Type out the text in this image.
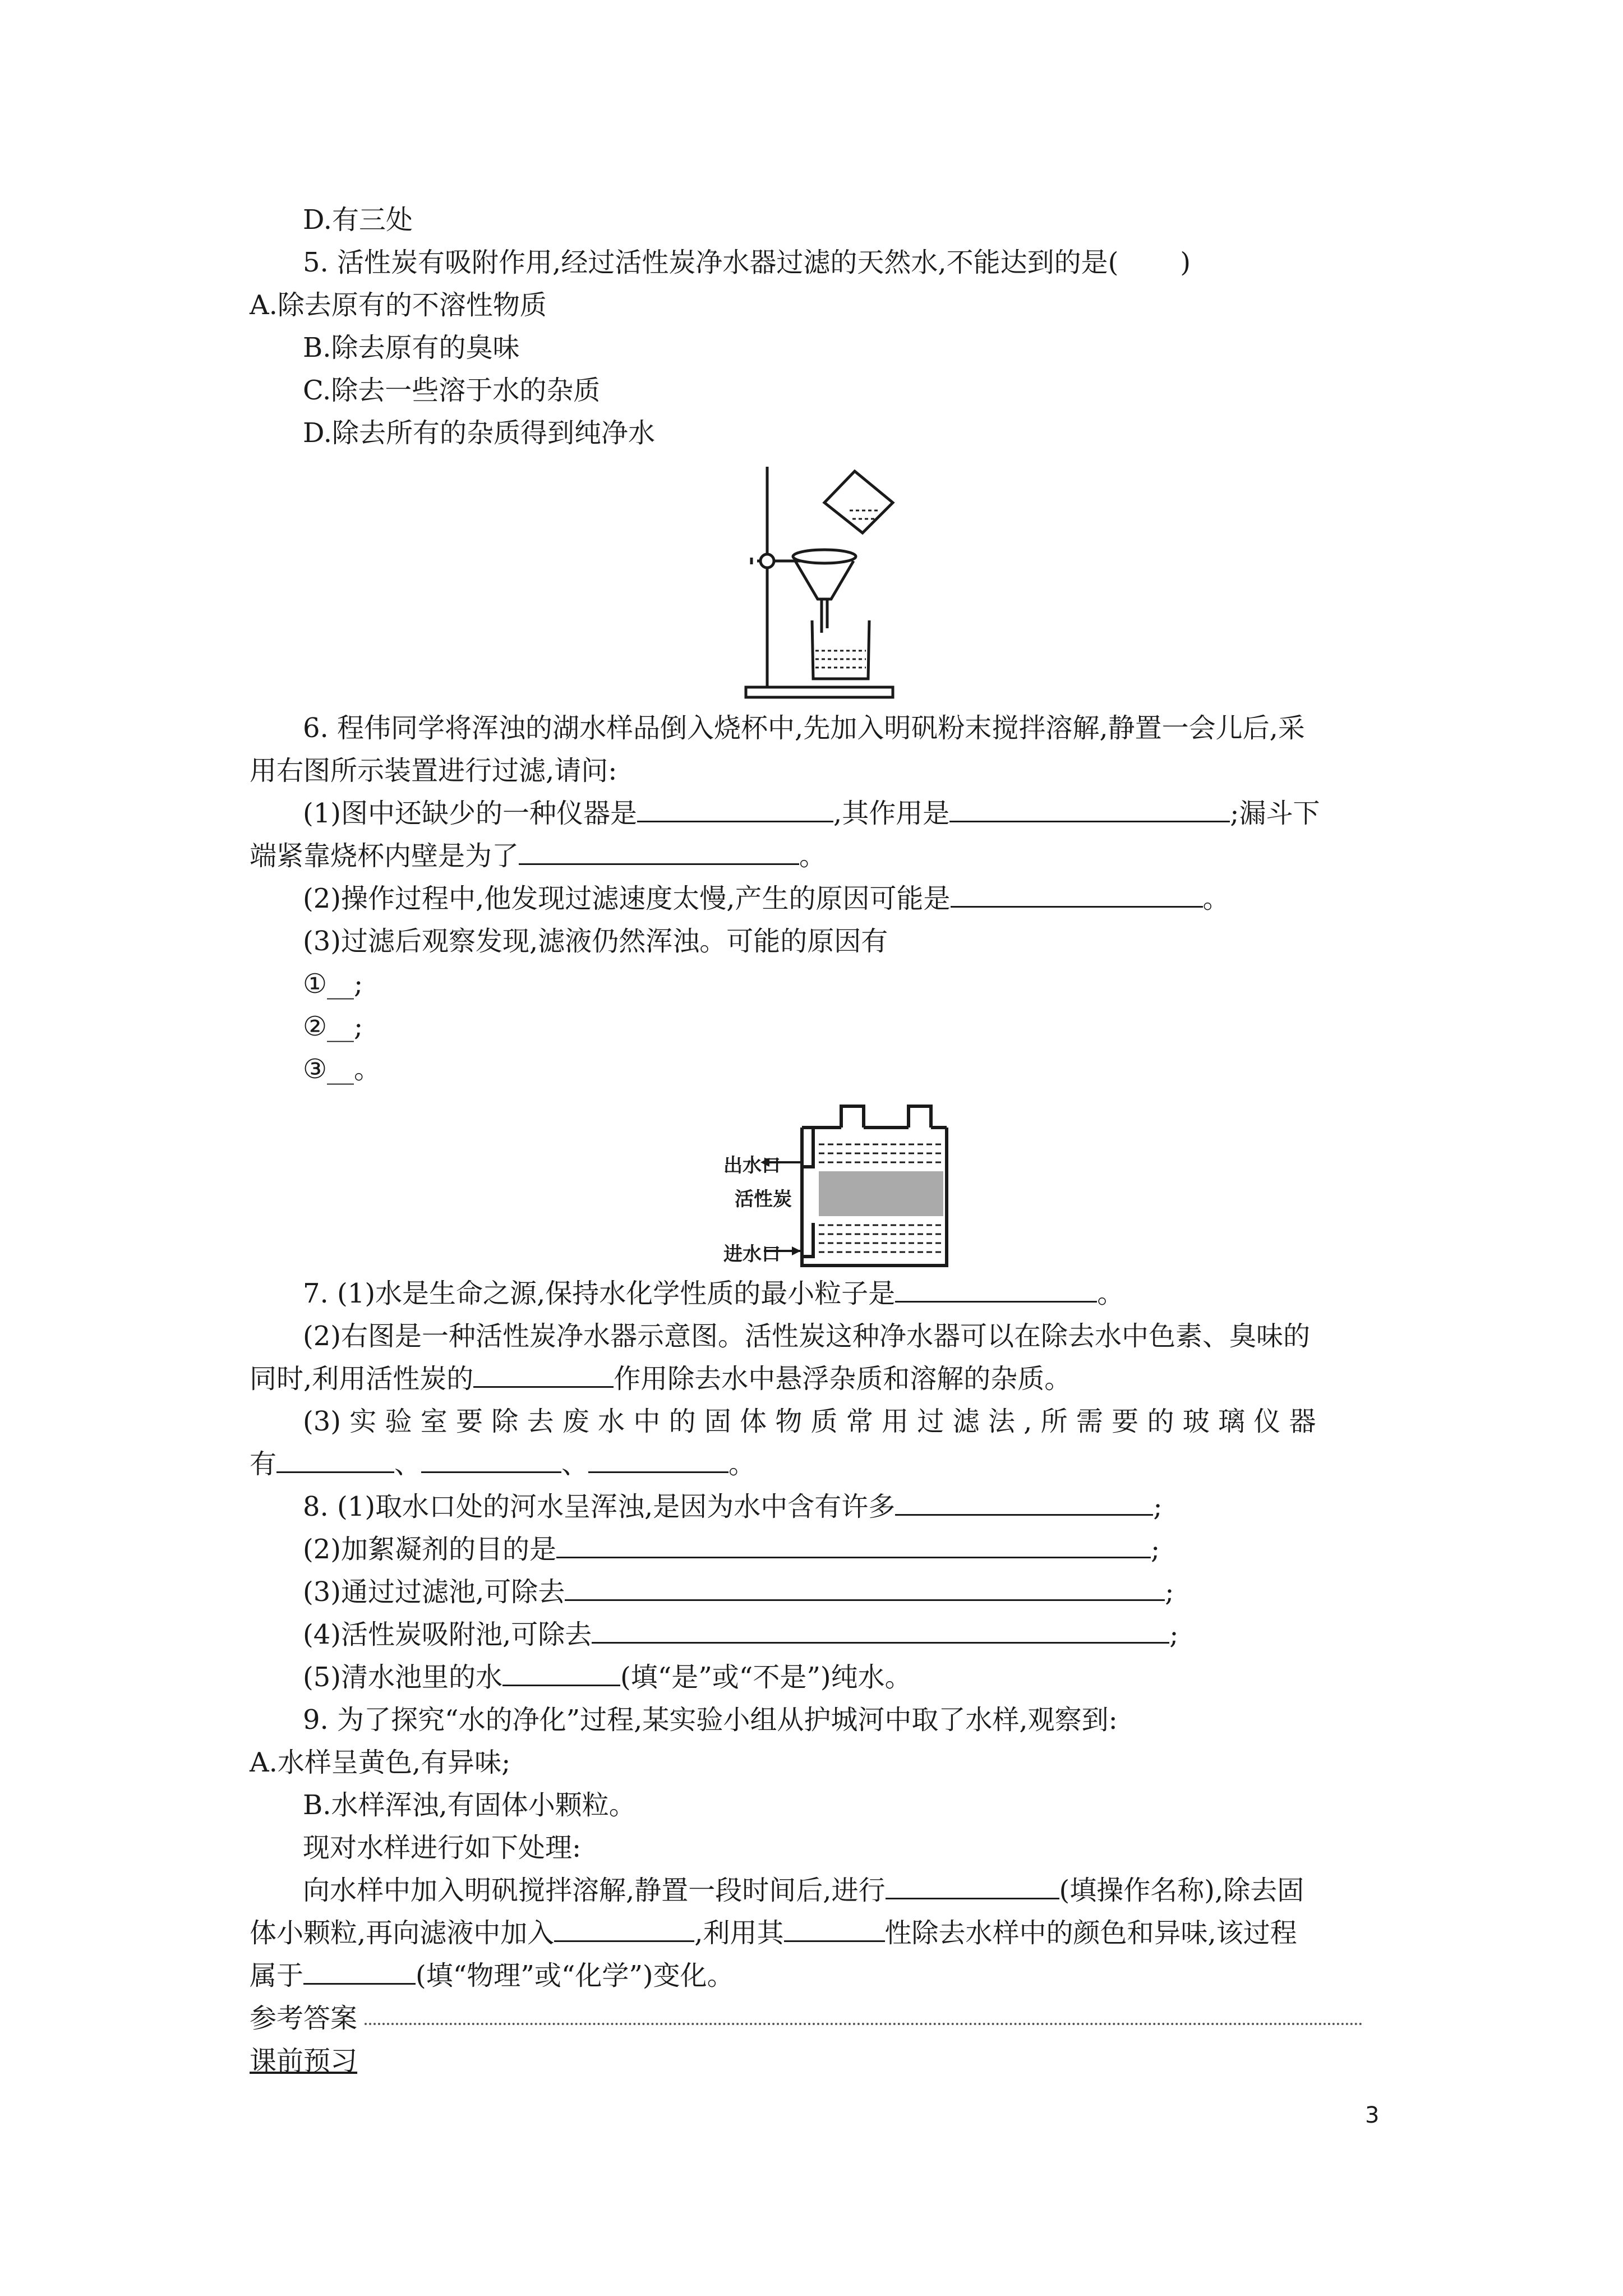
D.有三处
5. 活性炭有吸附作用,经过活性炭净水器过滤的天然水,不能达到的是( )
A.除去原有的不溶性物质
B.除去原有的臭味
C.除去一些溶于水的杂质
D.除去所有的杂质得到纯净水
6. 程伟同学将浑浊的湖水样品倒入烧杯中,先加入明矾粉末搅拌溶解,静置一会儿后,采
用右图所示装置进行过滤,请问:
(1)图中还缺少的一种仪器是	,其作用是	;漏斗下
端紧靠烧杯内壁是为了	。
(2)操作过程中,他发现过滤速度太慢,产生的原因可能是	。
(3)过滤后观察发现,滤液仍然浑浊。可能的原因有
①__;
②__;
③__。
出水口
活性炭
进水口
7. (1)水是生命之源,保持水化学性质的最小粒子是	。
(2)右图是一种活性炭净水器示意图。活性炭这种净水器可以在除去水中色素、臭味的
同时,利用活性炭的	作用除去水中悬浮杂质和溶解的杂质。
(3) 实 验 室 要 除 去 废 水 中 的 固 体 物 质 常 用 过 滤 法 , 所 需 要 的 玻 璃 仪 器
有	、	、	。
8. (1)取水口处的河水呈浑浊,是因为水中含有许多	;
(2)加絮凝剂的目的是	;
(3)通过过滤池,可除去	;
(4)活性炭吸附池,可除去	;
(5)清水池里的水	(填“是”或“不是”)纯水。
9. 为了探究“水的净化”过程,某实验小组从护城河中取了水样,观察到:
A.水样呈黄色,有异味;
B.水样浑浊,有固体小颗粒。
现对水样进行如下处理:
向水样中加入明矾搅拌溶解,静置一段时间后,进行	(填操作名称),除去固
体小颗粒,再向滤液中加入	,利用其	性除去水样中的颜色和异味,该过程
属于	(填“物理”或“化学”)变化。
参考答案
课前预习
3
